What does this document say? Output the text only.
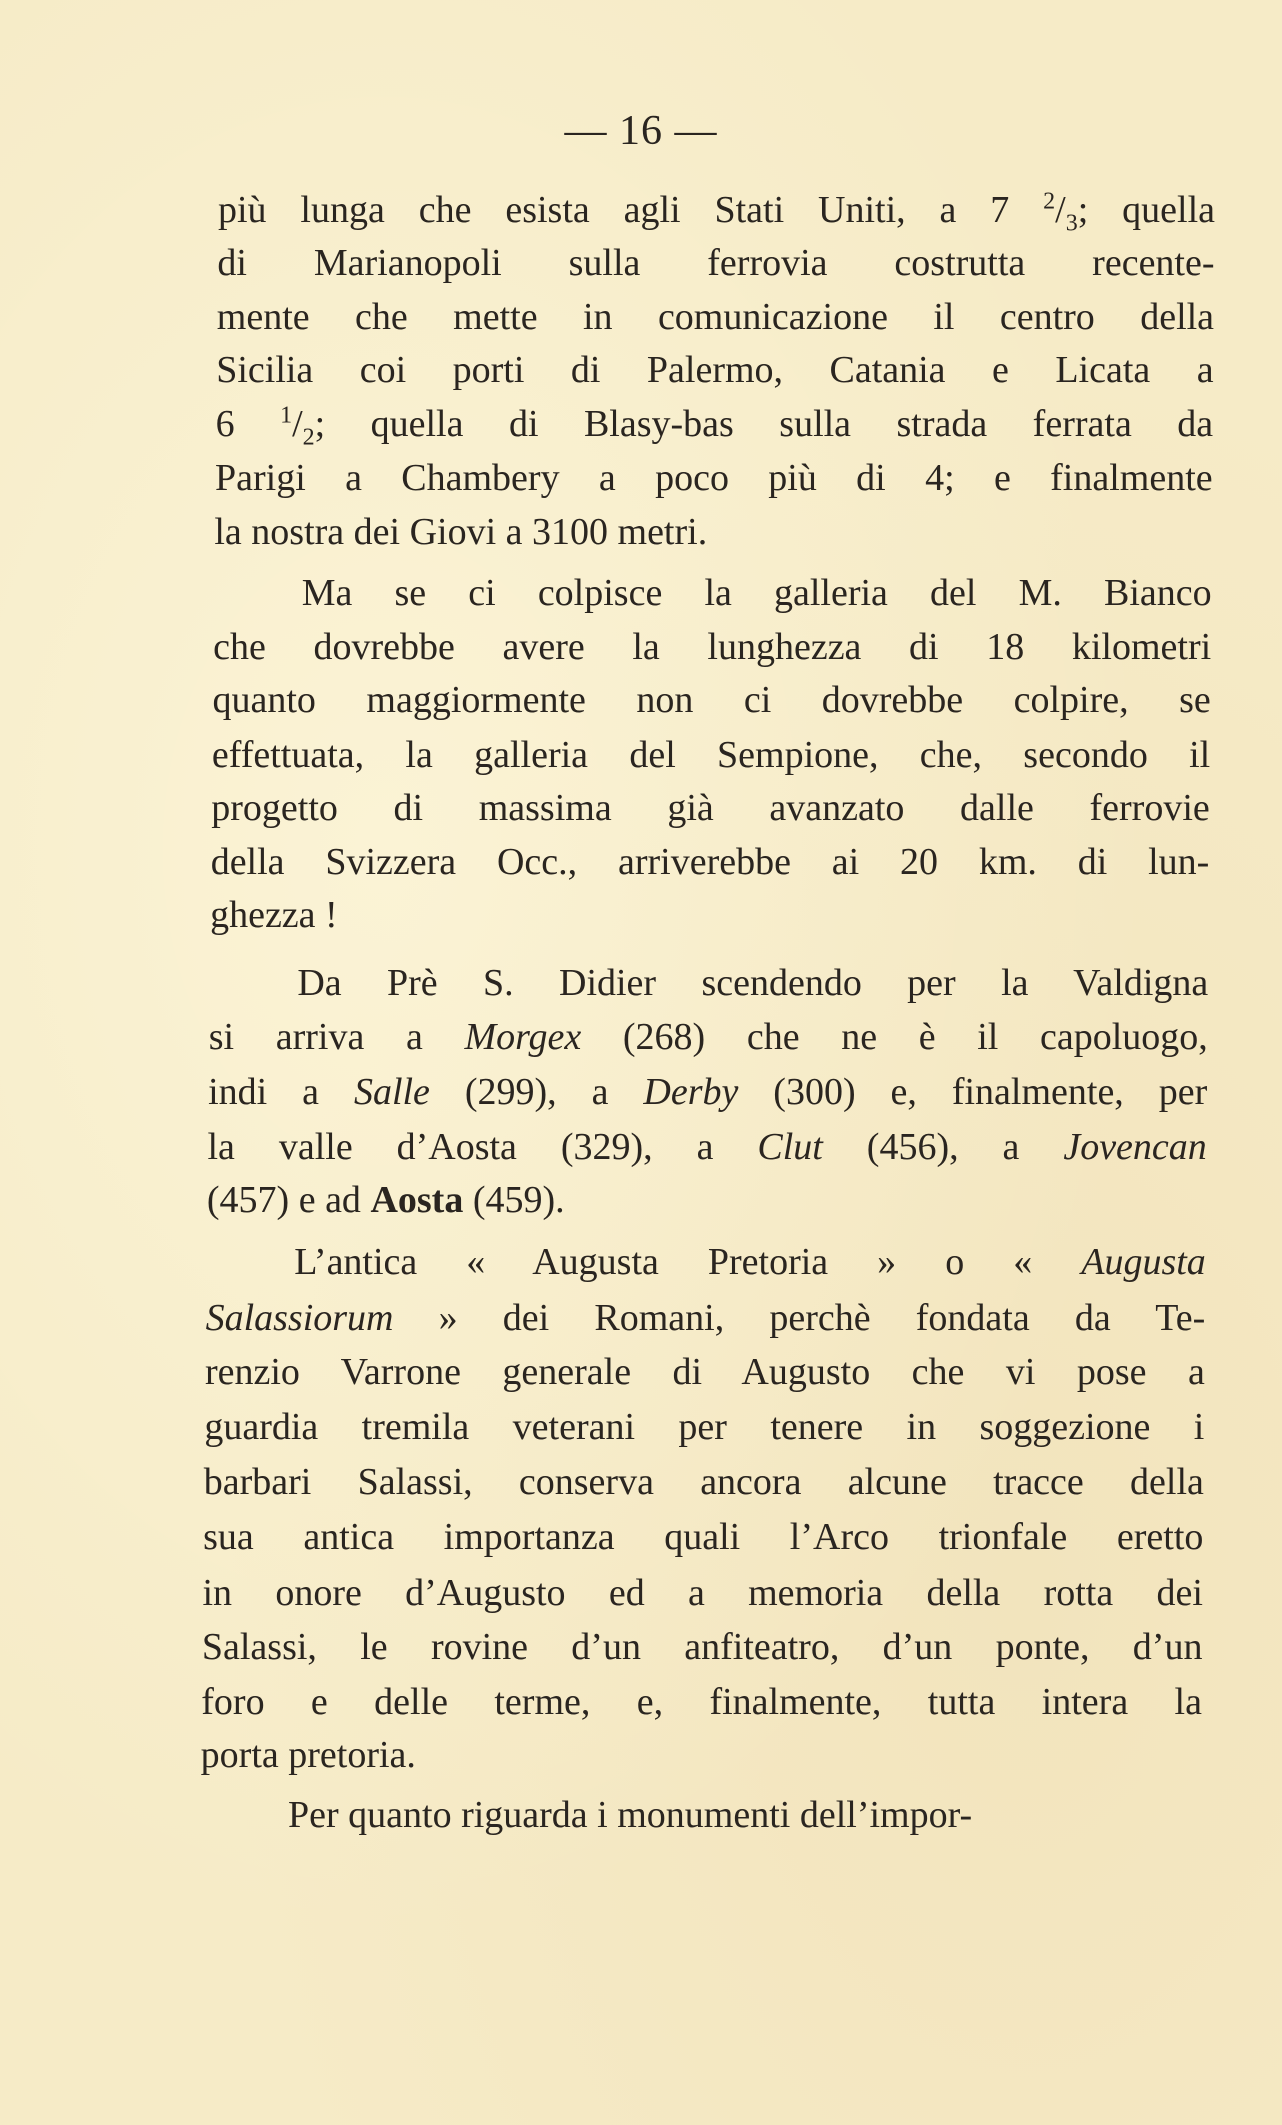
— 16 —
più lunga che esista agli Stati Uniti, a 7 $^2/_3$; quella
di Marianopoli sulla ferrovia costrutta recente-
mente che mette in comunicazione il centro della
Sicilia coi porti di Palermo, Catania e Licata a
6 $^1/_2$; quella di Blasy-bas sulla strada ferrata da
Parigi a Chambery a poco più di 4; e finalmente
la nostra dei Giovi a 3100 metri.
Ma se ci colpisce la galleria del M. Bianco
che dovrebbe avere la lunghezza di 18 kilometri
quanto maggiormente non ci dovrebbe colpire, se
effettuata, la galleria del Sempione, che, secondo il
progetto di massima già avanzato dalle ferrovie
della Svizzera Occ., arriverebbe ai 20 km. di lun-
ghezza !
Da Prè S. Didier scendendo per la Valdigna
si arriva a Morgex (268) che ne è il capoluogo,
indi a Salle (299), a Derby (300) e, finalmente, per
la valle d’Aosta (329), a Clut (456), a Jovencan
(457) e ad Aosta (459).
L’antica « Augusta Pretoria » o « Augusta
Salassiorum » dei Romani, perchè fondata da Te-
renzio Varrone generale di Augusto che vi pose a
guardia tremila veterani per tenere in soggezione i
barbari Salassi, conserva ancora alcune tracce della
sua antica importanza quali l’Arco trionfale eretto
in onore d’Augusto ed a memoria della rotta dei
Salassi, le rovine d’un anfiteatro, d’un ponte, d’un
foro e delle terme, e, finalmente, tutta intera la
porta pretoria.
Per quanto riguarda i monumenti dell’impor-
